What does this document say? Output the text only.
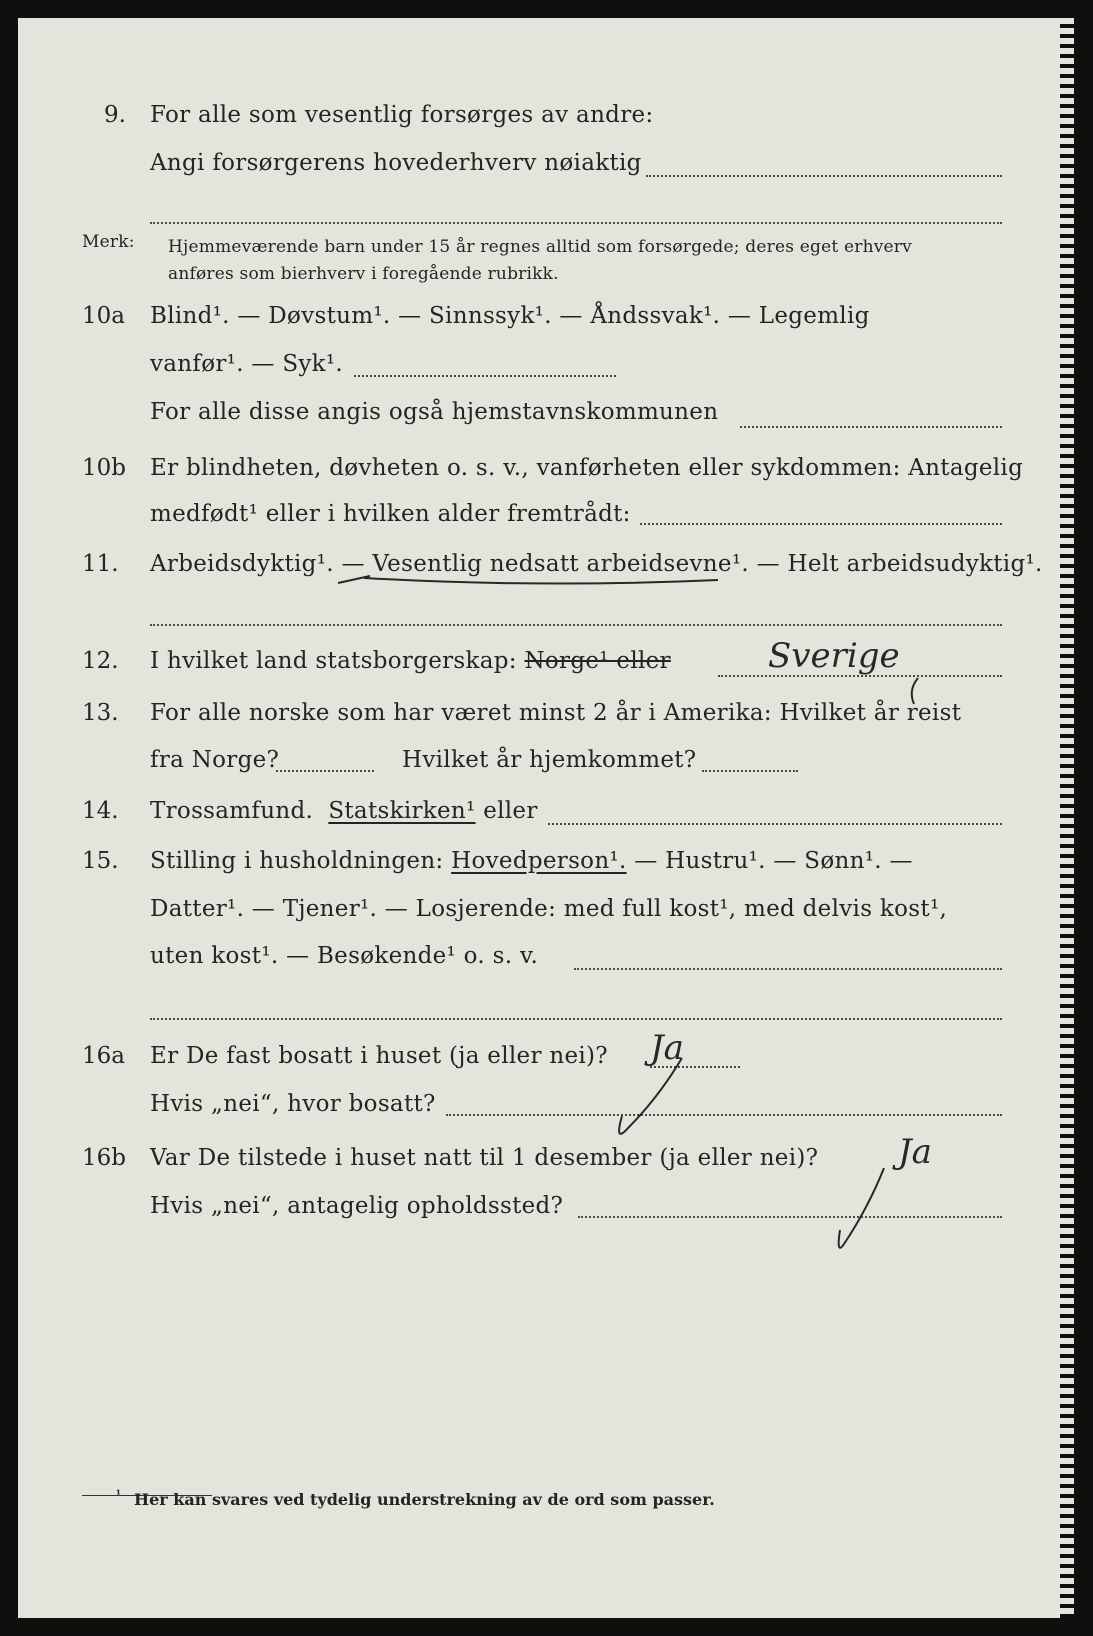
9. For alle som vesentlig forsørges av andre:
Angi forsørgerens hovederhverv nøiaktig
Merk: Hjemmeværende barn under 15 år regnes alltid som forsørgede; deres eget erhverv
anføres som bierhverv i foregående rubrikk.
10a Blind¹. — Døvstum¹. — Sinnssyk¹. — Åndssvak¹. — Legemlig
vanfør¹. — Syk¹.
For alle disse angis også hjemstavnskommunen
10b Er blindheten, døvheten o. s. v., vanførheten eller sykdommen: Antagelig
medfødt¹ eller i hvilken alder fremtrådt:
11. Arbeidsdyktig¹. — Vesentlig nedsatt arbeidsevne¹. — Helt arbeidsudyktig¹.
12. I hvilket land statsborgerskap: Norge¹ eller	Sverige
13. For alle norske som har været minst 2 år i Amerika: Hvilket år reist
fra Norge?	Hvilket år hjemkommet?
14. Trossamfund. Statskirken¹ eller
15. Stilling i husholdningen: Hovedperson¹. — Hustru¹. — Sønn¹. —
Datter¹. — Tjener¹. — Losjerende: med full kost¹, med delvis kost¹,
uten kost¹. — Besøkende¹ o. s. v.
16a Er De fast bosatt i huset (ja eller nei)? Ja
Hvis „nei“, hvor bosatt?
16b Var De tilstede i huset natt til 1 desember (ja eller nei)? Ja
Hvis „nei“, antagelig opholdssted?
¹ Her kan svares ved tydelig understrekning av de ord som passer.
